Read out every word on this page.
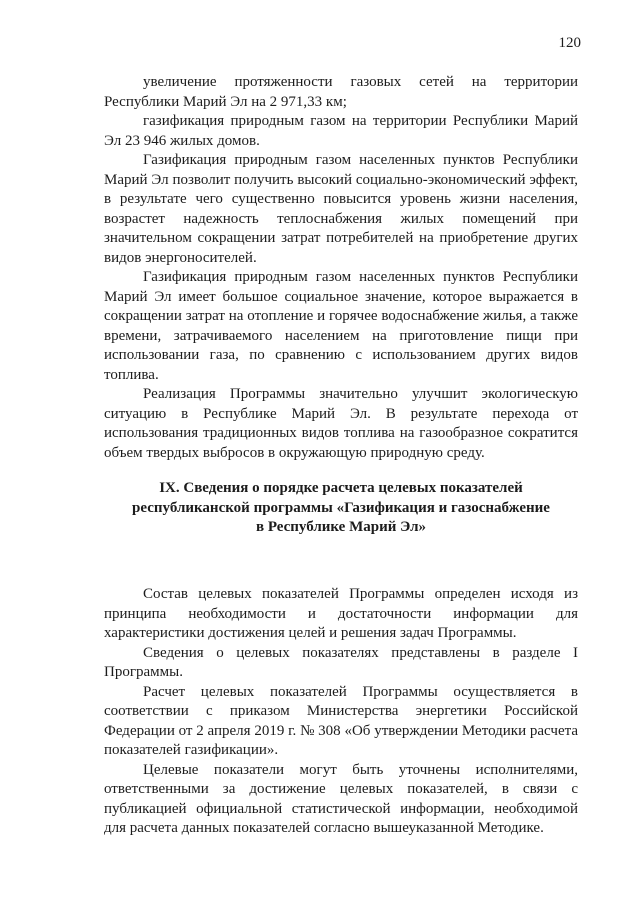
120

увеличение протяженности газовых сетей на территории Республики Марий Эл на 2 971,33 км;

газификация природным газом на территории Республики Марий Эл 23 946 жилых домов.

Газификация природным газом населенных пунктов Республики Марий Эл позволит получить высокий социально-экономический эффект, в результате чего существенно повысится уровень жизни населения, возрастет надежность теплоснабжения жилых помещений при значительном сокращении затрат потребителей на приобретение других видов энергоносителей.

Газификация природным газом населенных пунктов Республики Марий Эл имеет большое социальное значение, которое выражается в сокращении затрат на отопление и горячее водоснабжение жилья, а также времени, затрачиваемого населением на приготовление пищи при использовании газа, по сравнению с использованием других видов топлива.

Реализация Программы значительно улучшит экологическую ситуацию в Республике Марий Эл. В результате перехода от использования традиционных видов топлива на газообразное сократится объем твердых выбросов в окружающую природную среду.

IX. Сведения о порядке расчета целевых показателей
республиканской программы «Газификация и газоснабжение
в Республике Марий Эл»

Состав целевых показателей Программы определен исходя из принципа необходимости и достаточности информации для характеристики достижения целей и решения задач Программы.

Сведения о целевых показателях представлены в разделе I Программы.

Расчет целевых показателей Программы осуществляется в соответствии с приказом Министерства энергетики Российской Федерации от 2 апреля 2019 г. № 308 «Об утверждении Методики расчета показателей газификации».

Целевые показатели могут быть уточнены исполнителями, ответственными за достижение целевых показателей, в связи с публикацией официальной статистической информации, необходимой для расчета данных показателей согласно вышеуказанной Методике.
